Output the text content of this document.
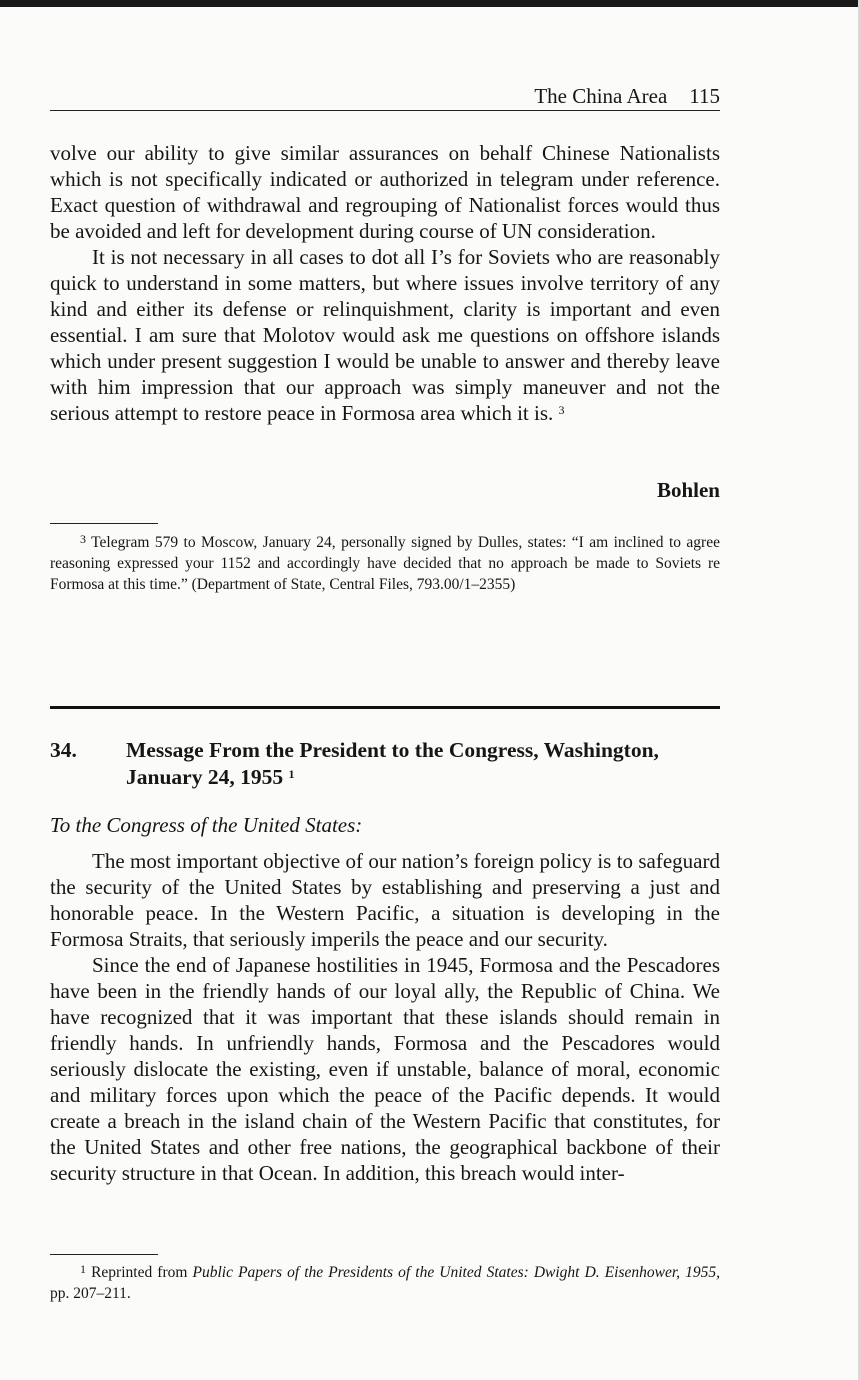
The China Area 115

volve our ability to give similar assurances on behalf Chinese Nationalists which is not specifically indicated or authorized in telegram under reference. Exact question of withdrawal and regrouping of Nationalist forces would thus be avoided and left for development during course of UN consideration.

It is not necessary in all cases to dot all I’s for Soviets who are reasonably quick to understand in some matters, but where issues involve territory of any kind and either its defense or relinquishment, clarity is important and even essential. I am sure that Molotov would ask me questions on offshore islands which under present suggestion I would be unable to answer and thereby leave with him impression that our approach was simply maneuver and not the serious attempt to restore peace in Formosa area which it is. $^3$

Bohlen

$^3$ Telegram 579 to Moscow, January 24, personally signed by Dulles, states: “I am inclined to agree reasoning expressed your 1152 and accordingly have decided that no approach be made to Soviets re Formosa at this time.” (Department of State, Central Files, 793.00/1–2355)

34. Message From the President to the Congress, Washington, January 24, 1955 $^1$
To the Congress of the United States:

The most important objective of our nation’s foreign policy is to safeguard the security of the United States by establishing and preserving a just and honorable peace. In the Western Pacific, a situation is developing in the Formosa Straits, that seriously imperils the peace and our security.

Since the end of Japanese hostilities in 1945, Formosa and the Pescadores have been in the friendly hands of our loyal ally, the Republic of China. We have recognized that it was important that these islands should remain in friendly hands. In unfriendly hands, Formosa and the Pescadores would seriously dislocate the existing, even if unstable, balance of moral, economic and military forces upon which the peace of the Pacific depends. It would create a breach in the island chain of the Western Pacific that constitutes, for the United States and other free nations, the geographical backbone of their security structure in that Ocean. In addition, this breach would inter-

$^1$ Reprinted from Public Papers of the Presidents of the United States: Dwight D. Eisenhower, 1955, pp. 207–211.
